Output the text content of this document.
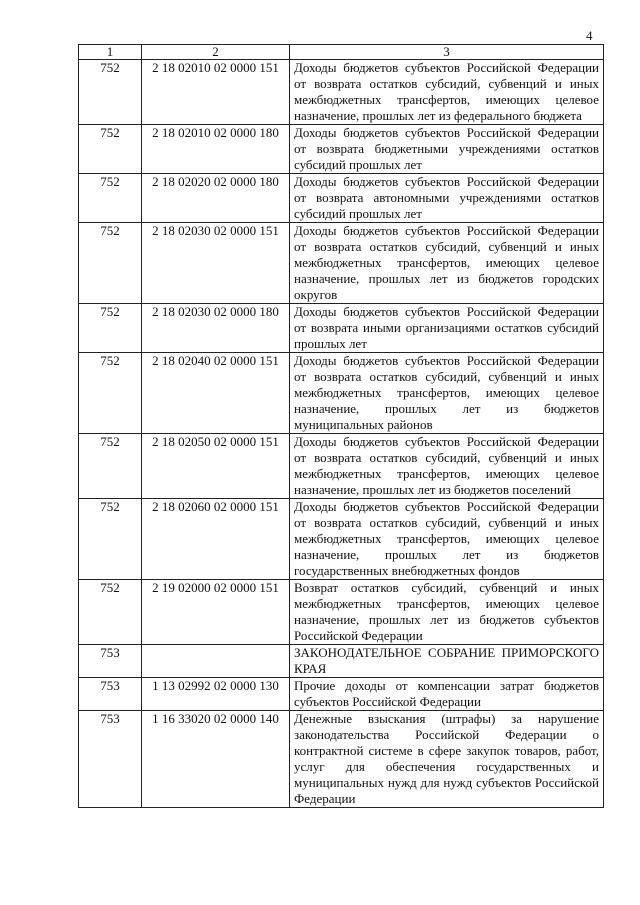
4
1	2	3
752	2 18 02010 02 0000 151	Доходы бюджетов субъектов Российской Федерации от возврата остатков субсидий, субвенций и иных межбюджетных трансфертов, имеющих целевое назначение, прошлых лет из федерального бюджета
752	2 18 02010 02 0000 180	Доходы бюджетов субъектов Российской Федерации от возврата бюджетными учреждениями остатков субсидий прошлых лет
752	2 18 02020 02 0000 180	Доходы бюджетов субъектов Российской Федерации от возврата автономными учреждениями остатков субсидий прошлых лет
752	2 18 02030 02 0000 151	Доходы бюджетов субъектов Российской Федерации от возврата остатков субсидий, субвенций и иных межбюджетных трансфертов, имеющих целевое назначение, прошлых лет из бюджетов городских округов
752	2 18 02030 02 0000 180	Доходы бюджетов субъектов Российской Федерации от возврата иными организациями остатков субсидий прошлых лет
752	2 18 02040 02 0000 151	Доходы бюджетов субъектов Российской Федерации от возврата остатков субсидий, субвенций и иных межбюджетных трансфертов, имеющих целевое назначение, прошлых лет из бюджетов муниципальных районов
752	2 18 02050 02 0000 151	Доходы бюджетов субъектов Российской Федерации от возврата остатков субсидий, субвенций и иных межбюджетных трансфертов, имеющих целевое назначение, прошлых лет из бюджетов поселений
752	2 18 02060 02 0000 151	Доходы бюджетов субъектов Российской Федерации от возврата остатков субсидий, субвенций и иных межбюджетных трансфертов, имеющих целевое назначение, прошлых лет из бюджетов государственных внебюджетных фондов
752	2 19 02000 02 0000 151	Возврат остатков субсидий, субвенций и иных межбюджетных трансфертов, имеющих целевое назначение, прошлых лет из бюджетов субъектов Российской Федерации
753		ЗАКОНОДАТЕЛЬНОЕ СОБРАНИЕ ПРИМОРСКОГО КРАЯ
753	1 13 02992 02 0000 130	Прочие доходы от компенсации затрат бюджетов субъектов Российской Федерации
753	1 16 33020 02 0000 140	Денежные взыскания (штрафы) за нарушение законодательства Российской Федерации о контрактной системе в сфере закупок товаров, работ, услуг для обеспечения государственных и муниципальных нужд для нужд субъектов Российской Федерации
